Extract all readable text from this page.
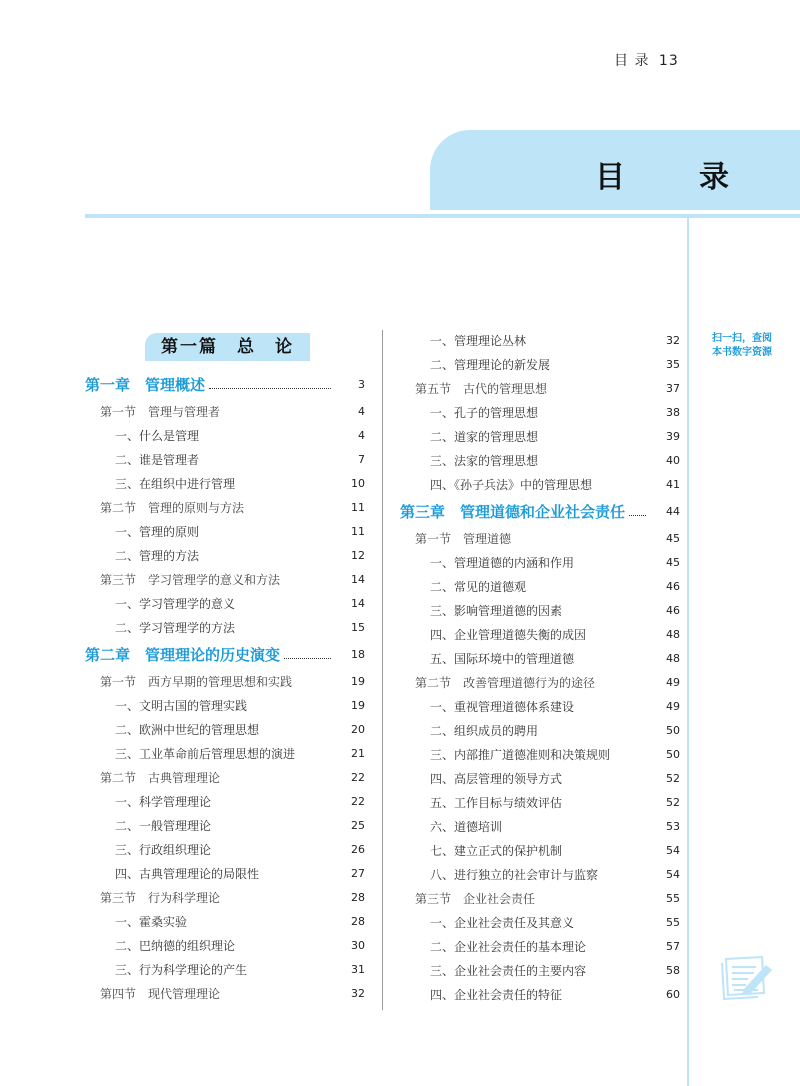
目 录 13
目　录
扫一扫，查阅
本书数字资源
第一篇　总　论
第一章　管理概述	3
第一节　管理与管理者	4
一、什么是管理	4
二、谁是管理者	7
三、在组织中进行管理	10
第二节　管理的原则与方法	11
一、管理的原则	11
二、管理的方法	12
第三节　学习管理学的意义和方法	14
一、学习管理学的意义	14
二、学习管理学的方法	15
第二章　管理理论的历史演变	18
第一节　西方早期的管理思想和实践	19
一、文明古国的管理实践	19
二、欧洲中世纪的管理思想	20
三、工业革命前后管理思想的演进	21
第二节　古典管理理论	22
一、科学管理理论	22
二、一般管理理论	25
三、行政组织理论	26
四、古典管理理论的局限性	27
第三节　行为科学理论	28
一、霍桑实验	28
二、巴纳德的组织理论	30
三、行为科学理论的产生	31
第四节　现代管理理论	32
一、管理理论丛林	32
二、管理理论的新发展	35
第五节　古代的管理思想	37
一、孔子的管理思想	38
二、道家的管理思想	39
三、法家的管理思想	40
四、《孙子兵法》中的管理思想	41
第三章　管理道德和企业社会责任	44
第一节　管理道德	45
一、管理道德的内涵和作用	45
二、常见的道德观	46
三、影响管理道德的因素	46
四、企业管理道德失衡的成因	48
五、国际环境中的管理道德	48
第二节　改善管理道德行为的途径	49
一、重视管理道德体系建设	49
二、组织成员的聘用	50
三、内部推广道德准则和决策规则	50
四、高层管理的领导方式	52
五、工作目标与绩效评估	52
六、道德培训	53
七、建立正式的保护机制	54
八、进行独立的社会审计与监察	54
第三节　企业社会责任	55
一、企业社会责任及其意义	55
二、企业社会责任的基本理论	57
三、企业社会责任的主要内容	58
四、企业社会责任的特征	60
